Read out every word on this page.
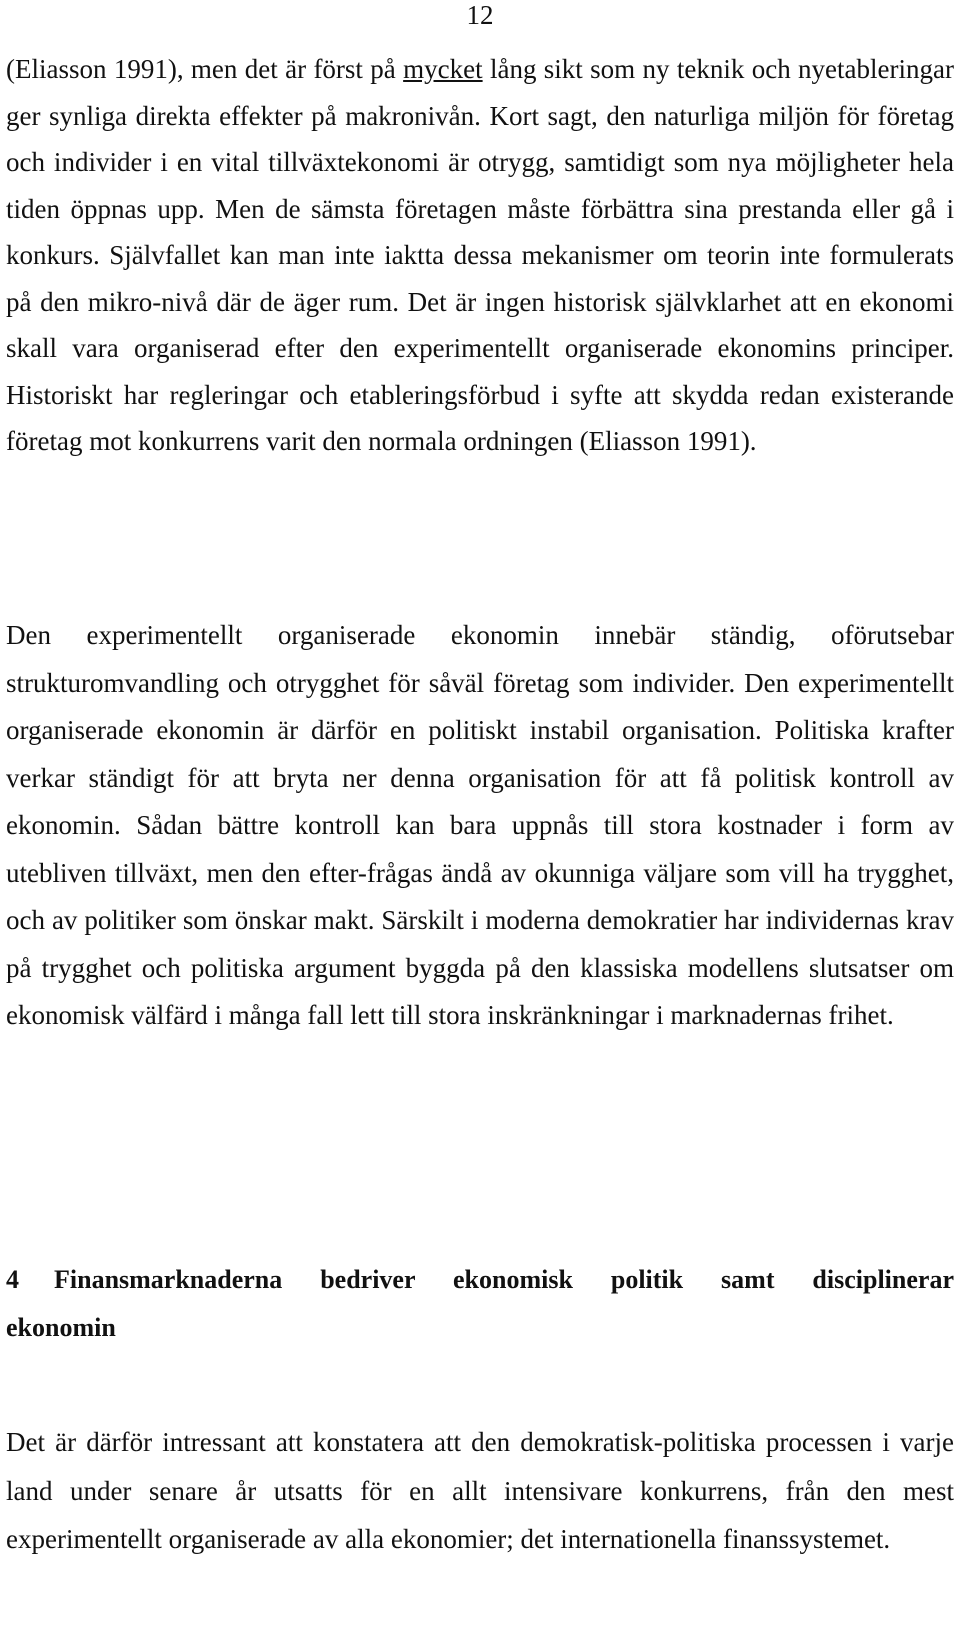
12

(Eliasson 1991), men det är först på mycket lång sikt som ny teknik och nyetableringar ger synliga direkta effekter på makronivån. Kort sagt, den naturliga miljön för företag och individer i en vital tillväxtekonomi är otrygg, samtidigt som nya möjligheter hela tiden öppnas upp. Men de sämsta företagen måste förbättra sina prestanda eller gå i konkurs. Självfallet kan man inte iaktta dessa mekanismer om teorin inte formulerats på den mikro-nivå där de äger rum. Det är ingen historisk självklarhet att en ekonomi skall vara organiserad efter den experimentellt organiserade ekonomins principer. Historiskt har regleringar och etableringsförbud i syfte att skydda redan existerande företag mot konkurrens varit den normala ordningen (Eliasson 1991).

Den experimentellt organiserade ekonomin innebär ständig, oförutsebar strukturomvandling och otrygghet för såväl företag som individer. Den experimentellt organiserade ekonomin är därför en politiskt instabil organisation. Politiska krafter verkar ständigt för att bryta ner denna organisation för att få politisk kontroll av ekonomin. Sådan bättre kontroll kan bara uppnås till stora kostnader i form av utebliven tillväxt, men den efter-frågas ändå av okunniga väljare som vill ha trygghet, och av politiker som önskar makt. Särskilt i moderna demokratier har individernas krav på trygghet och politiska argument byggda på den klassiska modellens slutsatser om ekonomisk välfärd i många fall lett till stora inskränkningar i marknadernas frihet.

4	Finansmarknaderna bedriver ekonomisk politik samt disciplinerar
ekonomin

Det är därför intressant att konstatera att den demokratisk-politiska processen i varje land under senare år utsatts för en allt intensivare konkurrens, från den mest experimentellt organiserade av alla ekonomier; det internationella finanssystemet.
